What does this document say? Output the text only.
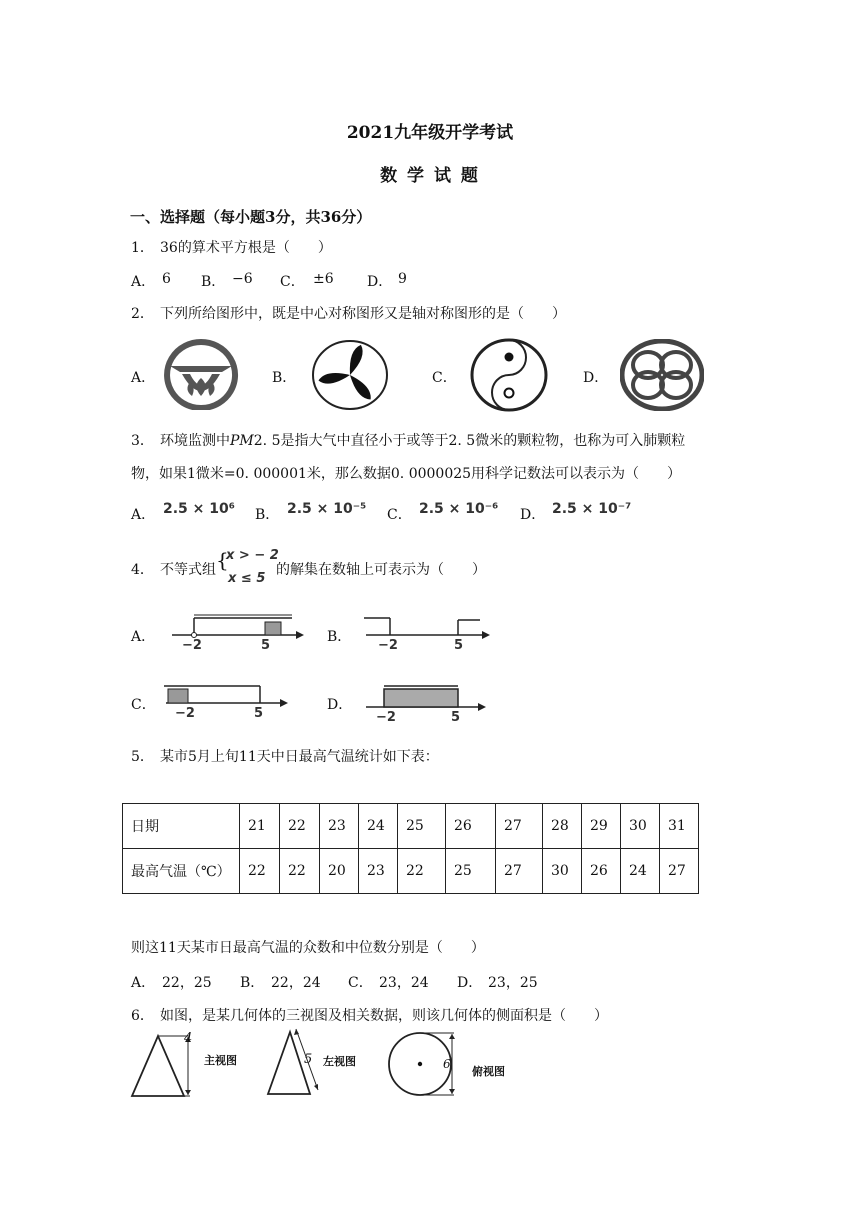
2021九年级开学考试
数 学 试 题
一、选择题（每小题3分，共36分）
1． 36的算术平方根是（　　）
A． 6 B． −6 C． ±6 D． 9
2． 下列所给图形中，既是中心对称图形又是轴对称图形的是（　　）
A．	B．	C．	D．
3． 环境监测中PM2. 5是指大气中直径小于或等于2. 5微米的颗粒物，也称为可入肺颗粒
物，如果1微米=0. 000001米，那么数据0. 0000025用科学记数法可以表示为（　　）
A． 2.5 × 10⁶ B． 2.5 × 10⁻⁵ C． 2.5 × 10⁻⁶ D． 2.5 × 10⁻⁷
4． 不等式组 {
x > − 2
x ≤ 5
的解集在数轴上可表示为（　　）
A．	B．
C．	D．
−2	5	−2	5
−2	5	−2	5
5． 某市5月上旬11天中日最高气温统计如下表：
日期	21	22	23	24	25	26	27	28	29	30	31
最高气温（℃）	22	22	20	23	22	25	27	30	26	24	27
则这11天某市日最高气温的众数和中位数分别是（　　）
A． 22，25 B． 22，24 C． 23，24 D． 23，25
6． 如图，是某几何体的三视图及相关数据，则该几何体的侧面积是（　　）
4
主视图	5 左视图	6
俯视图
